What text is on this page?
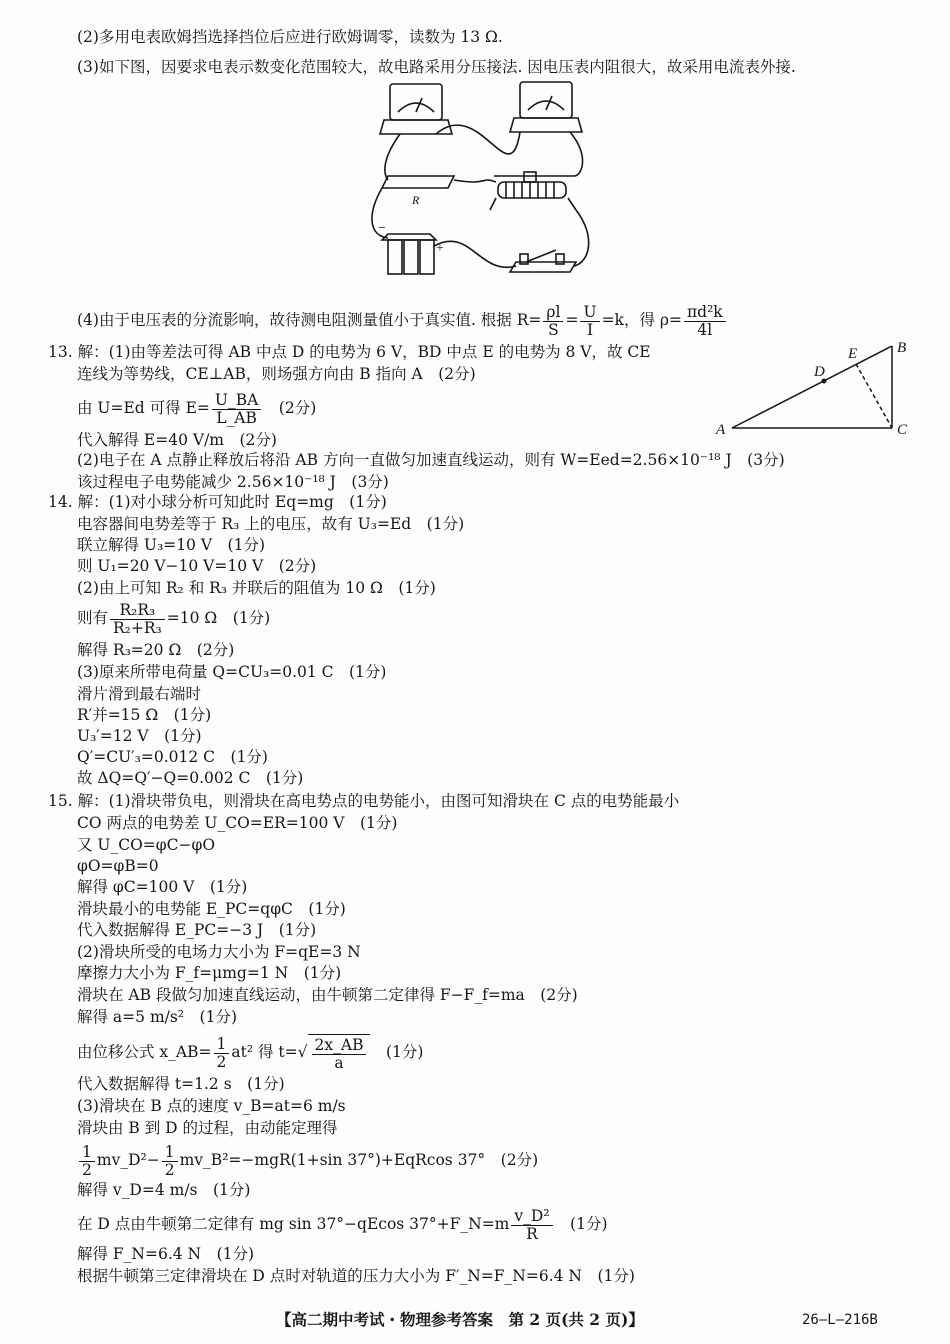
(2)多用电表欧姆挡选择挡位后应进行欧姆调零，读数为 13 Ω.
(3)如下图，因要求电表示数变化范围较大，故电路采用分压接法. 因电压表内阻很大，故采用电流表外接.
R
−
+
(4)由于电压表的分流影响，故待测电阻测量值小于真实值. 根据 $R= \frac{\rho l}{S} = \frac{U}{I} =k$，得 $\rho= \frac{\text{πd²k}}{4l}$
13. 解：(1)由等差法可得 AB 中点 D 的电势为 6 V，BD 中点 E 的电势为 8 V，故 CE
连线为等势线，CE⊥AB，则场强方向由 B 指向 A　(2分)
由 U=Ed 可得 $E= \frac{U\_BA}{L\_AB}$ 　(2分)
代入解得 E=40 V/m　(2分)
(2)电子在 A 点静止释放后将沿 AB 方向一直做匀加速直线运动，则有 W=Eed=2.56×10⁻¹⁸ J　(3分)
该过程电子电势能减少 2.56×10⁻¹⁸ J　(3分)
A
B
C
D
E
14. 解：(1)对小球分析可知此时 Eq=mg　(1分)
电容器间电势差等于 R₃ 上的电压，故有 U₃=Ed　(1分)
联立解得 U₃=10 V　(1分)
则 U₁=20 V−10 V=10 V　(2分)
(2)由上可知 R₂ 和 R₃ 并联后的阻值为 10 Ω　(1分)
则有 $\frac{\text{R₂R₃}}{\text{R₂+R₃}} =10$ Ω　(1分)
解得 R₃=20 Ω　(2分)
(3)原来所带电荷量 Q=CU₃=0.01 C　(1分)
滑片滑到最右端时
R′并=15 Ω　(1分)
U₃′=12 V　(1分)
Q′=CU′₃=0.012 C　(1分)
故 ΔQ=Q′−Q=0.002 C　(1分)
15. 解：(1)滑块带负电，则滑块在高电势点的电势能小，由图可知滑块在 C 点的电势能最小
CO 两点的电势差 U_CO=ER=100 V　(1分)
又 U_CO=φC−φO
φO=φB=0
解得 φC=100 V　(1分)
滑块最小的电势能 E_PC=qφC　(1分)
代入数据解得 E_PC=−3 J　(1分)
(2)滑块所受的电场力大小为 F=qE=3 N
摩擦力大小为 F_f=μmg=1 N　(1分)
滑块在 AB 段做匀加速直线运动，由牛顿第二定律得 F−F_f=ma　(2分)
解得 a=5 m/s²　(1分)
由位移公式 x_AB= $\frac{1}{2} at^2$ 得 $t=√ \frac{2x\_AB}{a}$ 　(1分)
代入数据解得 t=1.2 s　(1分)
(3)滑块在 B 点的速度 v_B=at=6 m/s
滑块由 B 到 D 的过程，由动能定理得
$\frac{1}{2}$ mv_D²− $\frac{1}{2}$ mv_B²=−mgR(1+sin 37°)+EqRcos 37°　(2分)
解得 v_D=4 m/s　(1分)
在 D 点由牛顿第二定律有 mg sin 37°−qEcos 37°+F_N=m $\frac{\text{v\_D²}}{R}$ 　(1分)
解得 F_N=6.4 N　(1分)
根据牛顿第三定律滑块在 D 点时对轨道的压力大小为 F′_N=F_N=6.4 N　(1分)
【高二期中考试・物理参考答案　第 2 页(共 2 页)】	26—L—216B
